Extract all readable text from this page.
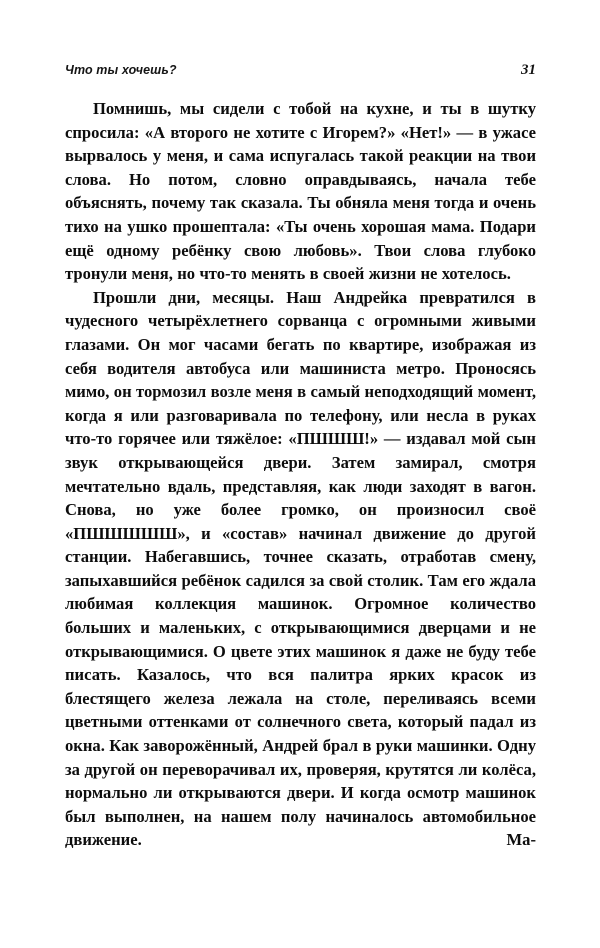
Что ты хочешь?	31

Помнишь, мы сидели с тобой на кухне, и ты в шутку спросила: «А второго не хотите с Игорем?» «Нет!» — в ужасе вырвалось у меня, и сама испугалась такой реакции на твои слова. Но потом, словно оправдываясь, начала тебе объяснять, почему так сказала. Ты обняла меня тогда и очень тихо на ушко прошептала: «Ты очень хорошая мама. Подари ещё одному ребёнку свою любовь». Твои слова глубоко тронули меня, но что-то менять в своей жизни не хотелось.

Прошли дни, месяцы. Наш Андрейка превратился в чудесного четырёхлетнего сорванца с огромными живыми глазами. Он мог часами бегать по квартире, изображая из себя водителя автобуса или машиниста метро. Проносясь мимо, он тормозил возле меня в самый неподходящий момент, когда я или разговаривала по телефону, или несла в руках что-то горячее или тяжёлое: «ПШШШ!» — издавал мой сын звук открывающейся двери. Затем замирал, смотря мечтательно вдаль, представляя, как люди заходят в вагон. Снова, но уже более громко, он произносил своё «ПШШШШШ», и «состав» начинал движение до другой станции. Набегавшись, точнее сказать, отработав смену, запыхавшийся ребёнок садился за свой столик. Там его ждала любимая коллекция машинок. Огромное количество больших и маленьких, с открывающимися дверцами и не открывающимися. О цвете этих машинок я даже не буду тебе писать. Казалось, что вся палитра ярких красок из блестящего железа лежала на столе, переливаясь всеми цветными оттенками от солнечного света, который падал из окна. Как заворожённый, Андрей брал в руки машинки. Одну за другой он переворачивал их, проверяя, крутятся ли колёса, нормально ли открываются двери. И когда осмотр машинок был выполнен, на нашем полу начиналось автомобильное движение. Ма-
